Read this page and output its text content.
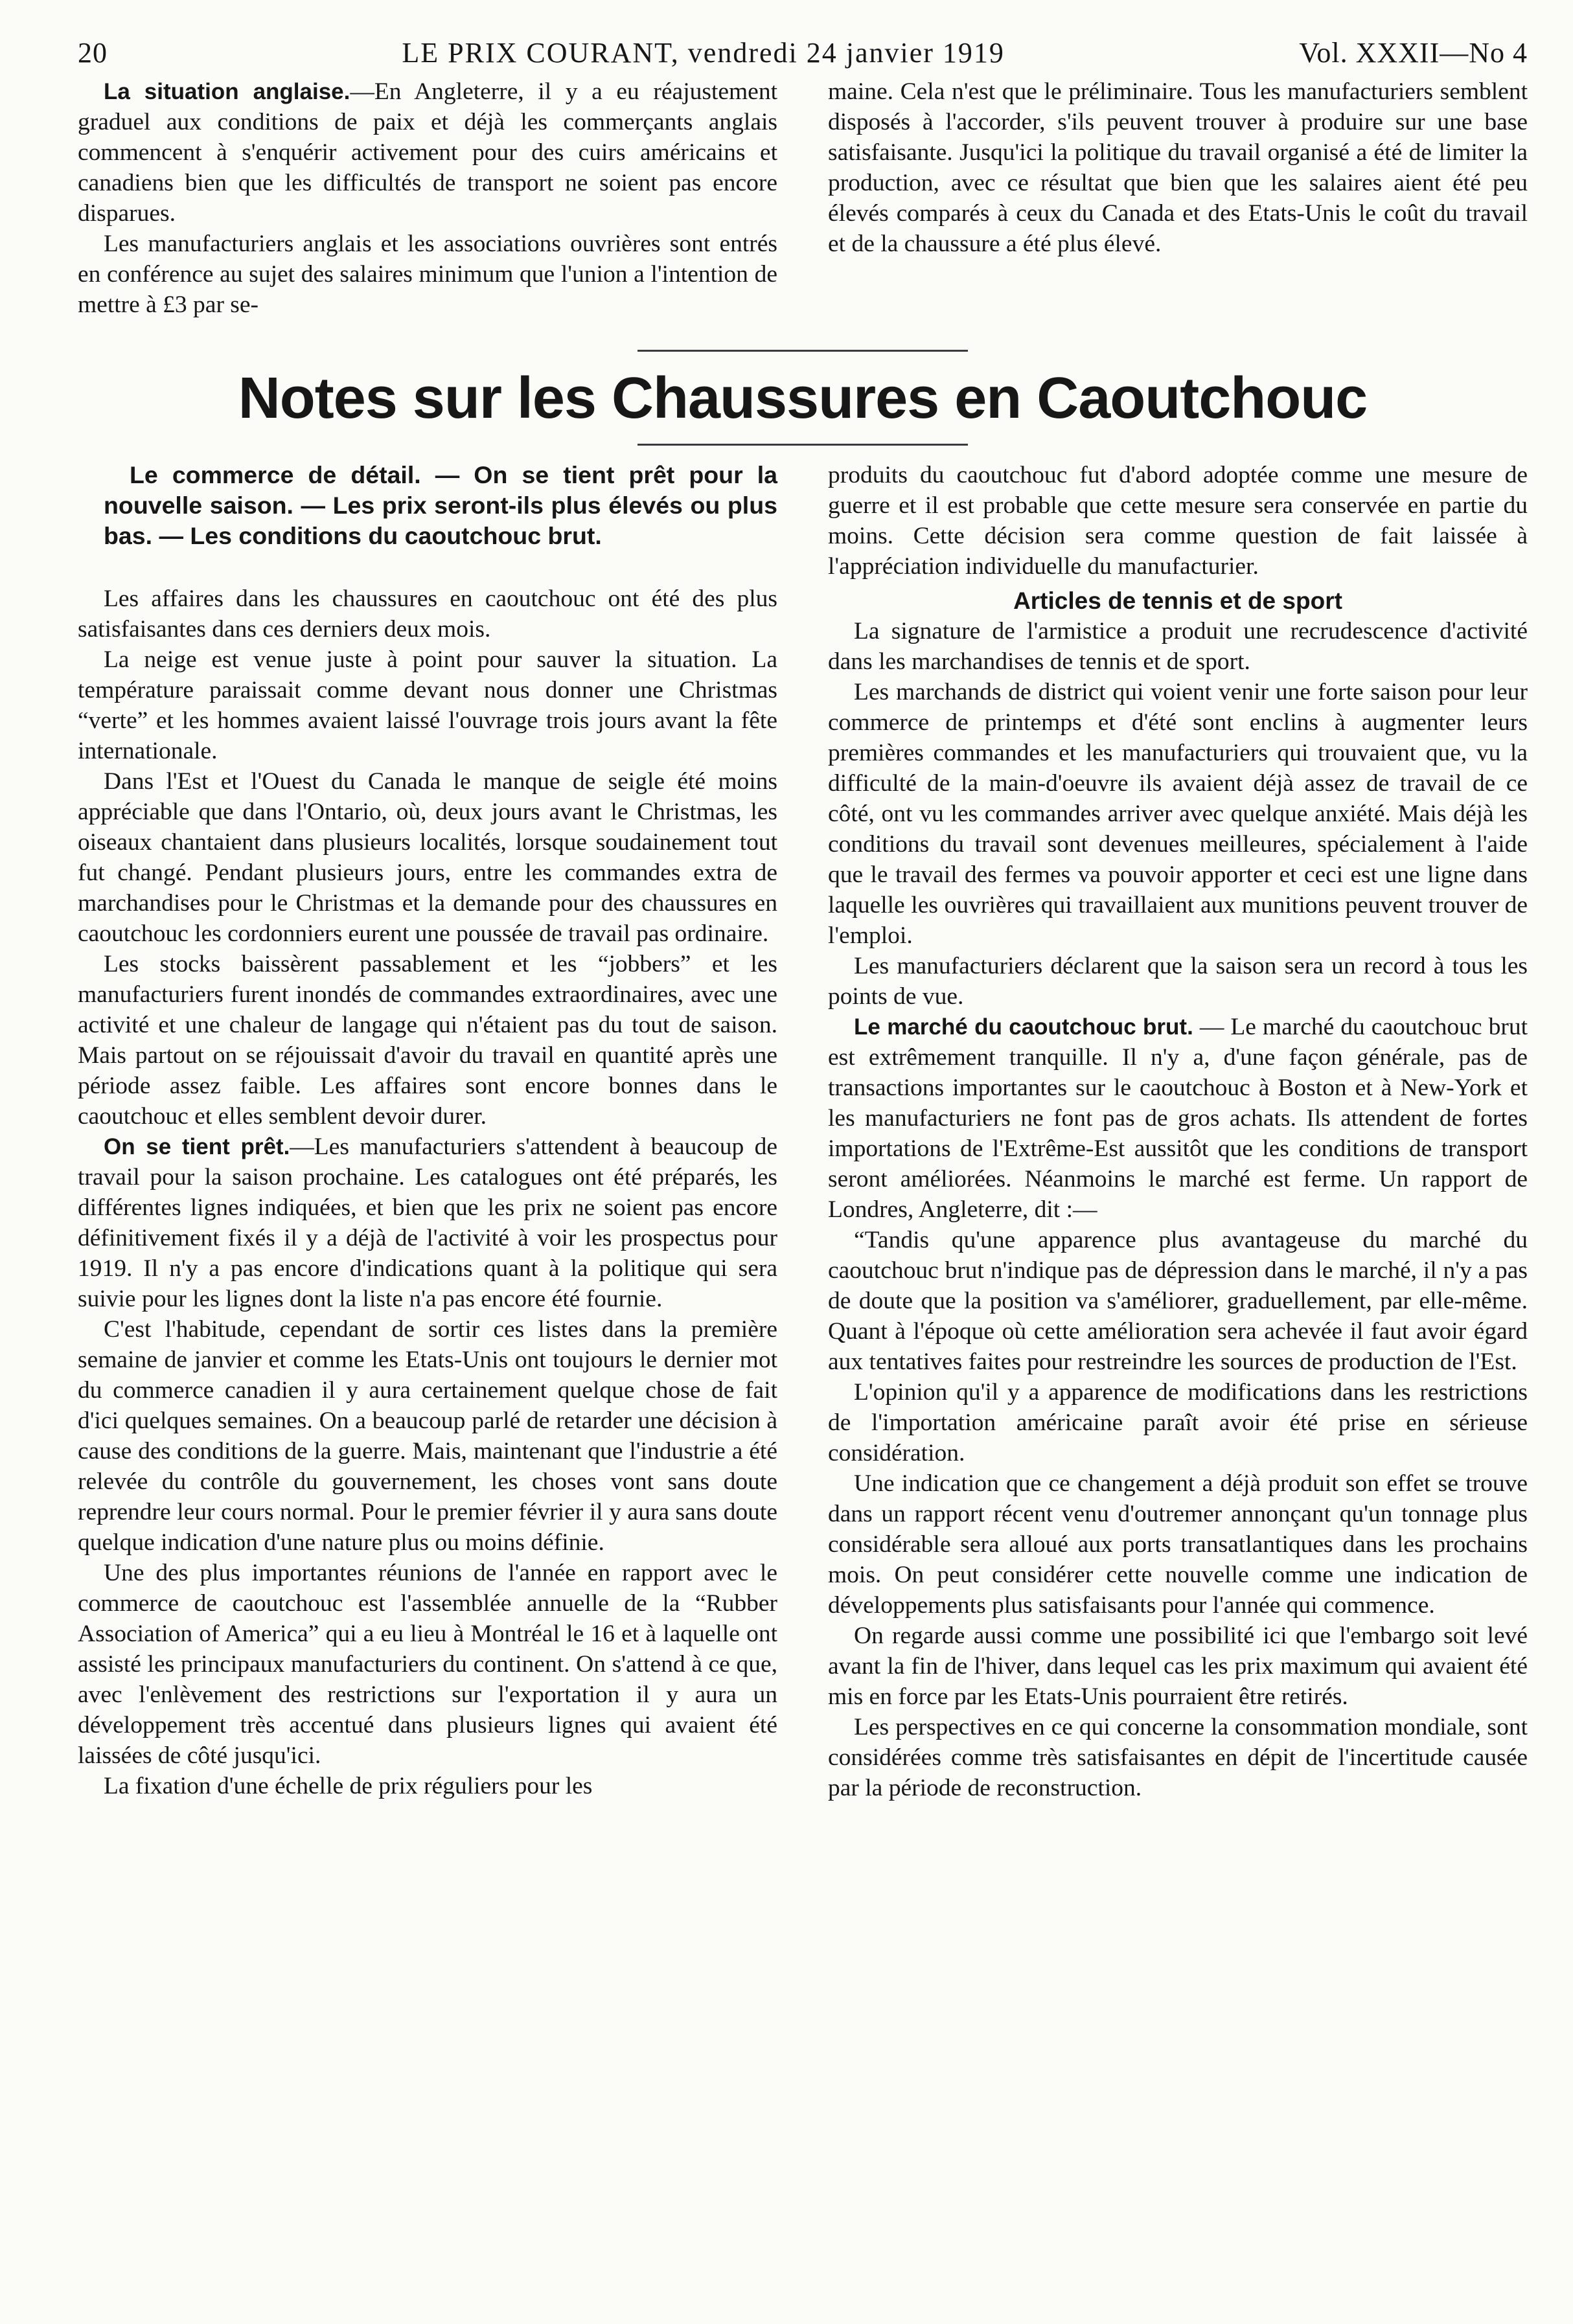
20	LE PRIX COURANT, vendredi 24 janvier 1919	Vol. XXXII—No 4

La situation anglaise.—En Angleterre, il y a eu réajustement graduel aux conditions de paix et déjà les commerçants anglais commencent à s'enquérir activement pour des cuirs américains et canadiens bien que les difficultés de transport ne soient pas encore disparues.

Les manufacturiers anglais et les associations ouvrières sont entrés en conférence au sujet des salaires minimum que l'union a l'intention de mettre à £3 par se-

maine. Cela n'est que le préliminaire. Tous les manufacturiers semblent disposés à l'accorder, s'ils peuvent trouver à produire sur une base satisfaisante. Jusqu'ici la politique du travail organisé a été de limiter la production, avec ce résultat que bien que les salaires aient été peu élevés comparés à ceux du Canada et des Etats-Unis le coût du travail et de la chaussure a été plus élevé.

Notes sur les Chaussures en Caoutchouc

Le commerce de détail. — On se tient prêt pour la nouvelle saison. — Les prix seront-ils plus élevés ou plus bas. — Les conditions du caoutchouc brut.

Les affaires dans les chaussures en caoutchouc ont été des plus satisfaisantes dans ces derniers deux mois.

La neige est venue juste à point pour sauver la situation. La température paraissait comme devant nous donner une Christmas “verte” et les hommes avaient laissé l'ouvrage trois jours avant la fête internationale.

Dans l'Est et l'Ouest du Canada le manque de seigle été moins appréciable que dans l'Ontario, où, deux jours avant le Christmas, les oiseaux chantaient dans plusieurs localités, lorsque soudainement tout fut changé. Pendant plusieurs jours, entre les commandes extra de marchandises pour le Christmas et la demande pour des chaussures en caoutchouc les cordonniers eurent une poussée de travail pas ordinaire.

Les stocks baissèrent passablement et les “jobbers” et les manufacturiers furent inondés de commandes extraordinaires, avec une activité et une chaleur de langage qui n'étaient pas du tout de saison. Mais partout on se réjouissait d'avoir du travail en quantité après une période assez faible. Les affaires sont encore bonnes dans le caoutchouc et elles semblent devoir durer.

On se tient prêt.—Les manufacturiers s'attendent à beaucoup de travail pour la saison prochaine. Les catalogues ont été préparés, les différentes lignes indiquées, et bien que les prix ne soient pas encore définitivement fixés il y a déjà de l'activité à voir les prospectus pour 1919. Il n'y a pas encore d'indications quant à la politique qui sera suivie pour les lignes dont la liste n'a pas encore été fournie.

C'est l'habitude, cependant de sortir ces listes dans la première semaine de janvier et comme les Etats-Unis ont toujours le dernier mot du commerce canadien il y aura certainement quelque chose de fait d'ici quelques semaines. On a beaucoup parlé de retarder une décision à cause des conditions de la guerre. Mais, maintenant que l'industrie a été relevée du contrôle du gouvernement, les choses vont sans doute reprendre leur cours normal. Pour le premier février il y aura sans doute quelque indication d'une nature plus ou moins définie.

Une des plus importantes réunions de l'année en rapport avec le commerce de caoutchouc est l'assemblée annuelle de la “Rubber Association of America” qui a eu lieu à Montréal le 16 et à laquelle ont assisté les principaux manufacturiers du continent. On s'attend à ce que, avec l'enlèvement des restrictions sur l'exportation il y aura un développement très accentué dans plusieurs lignes qui avaient été laissées de côté jusqu'ici.

La fixation d'une échelle de prix réguliers pour les

produits du caoutchouc fut d'abord adoptée comme une mesure de guerre et il est probable que cette mesure sera conservée en partie du moins. Cette décision sera comme question de fait laissée à l'appréciation individuelle du manufacturier.

Articles de tennis et de sport

La signature de l'armistice a produit une recrudescence d'activité dans les marchandises de tennis et de sport.

Les marchands de district qui voient venir une forte saison pour leur commerce de printemps et d'été sont enclins à augmenter leurs premières commandes et les manufacturiers qui trouvaient que, vu la difficulté de la main-d'oeuvre ils avaient déjà assez de travail de ce côté, ont vu les commandes arriver avec quelque anxiété. Mais déjà les conditions du travail sont devenues meilleures, spécialement à l'aide que le travail des fermes va pouvoir apporter et ceci est une ligne dans laquelle les ouvrières qui travaillaient aux munitions peuvent trouver de l'emploi.

Les manufacturiers déclarent que la saison sera un record à tous les points de vue.

Le marché du caoutchouc brut. — Le marché du caoutchouc brut est extrêmement tranquille. Il n'y a, d'une façon générale, pas de transactions importantes sur le caoutchouc à Boston et à New-York et les manufacturiers ne font pas de gros achats. Ils attendent de fortes importations de l'Extrême-Est aussitôt que les conditions de transport seront améliorées. Néanmoins le marché est ferme. Un rapport de Londres, Angleterre, dit :—

“Tandis qu'une apparence plus avantageuse du marché du caoutchouc brut n'indique pas de dépression dans le marché, il n'y a pas de doute que la position va s'améliorer, graduellement, par elle-même. Quant à l'époque où cette amélioration sera achevée il faut avoir égard aux tentatives faites pour restreindre les sources de production de l'Est.

L'opinion qu'il y a apparence de modifications dans les restrictions de l'importation américaine paraît avoir été prise en sérieuse considération.

Une indication que ce changement a déjà produit son effet se trouve dans un rapport récent venu d'outremer annonçant qu'un tonnage plus considérable sera alloué aux ports transatlantiques dans les prochains mois. On peut considérer cette nouvelle comme une indication de développements plus satisfaisants pour l'année qui commence.

On regarde aussi comme une possibilité ici que l'embargo soit levé avant la fin de l'hiver, dans lequel cas les prix maximum qui avaient été mis en force par les Etats-Unis pourraient être retirés.

Les perspectives en ce qui concerne la consommation mondiale, sont considérées comme très satisfaisantes en dépit de l'incertitude causée par la période de reconstruction.
